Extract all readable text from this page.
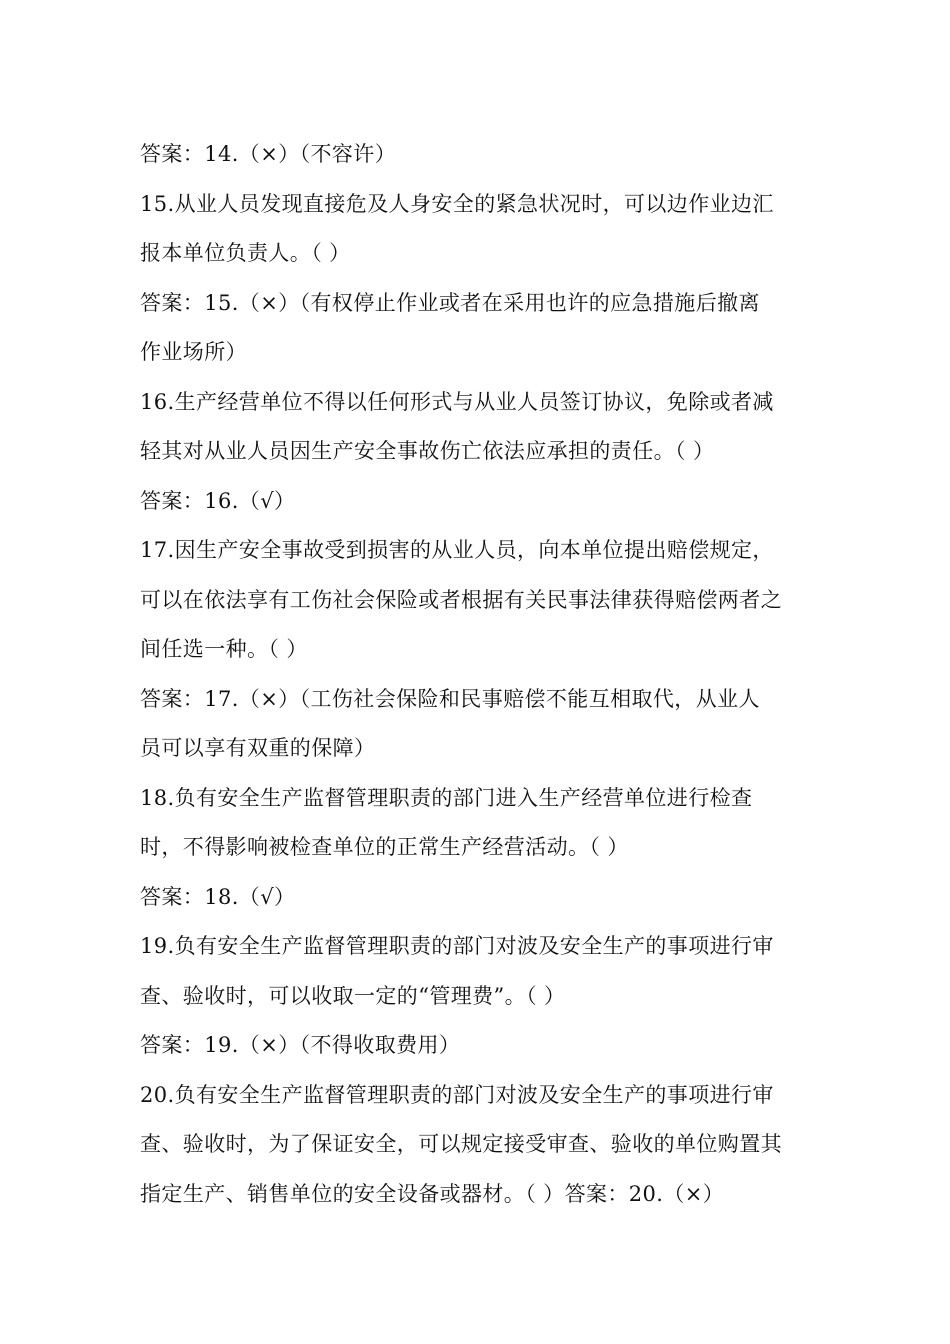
答案：14.（×）（不容许）
15.从业人员发现直接危及人身安全的紧急状况时，可以边作业边汇
报本单位负责人。（ ）
答案：15.（×）（有权停止作业或者在采用也许的应急措施后撤离
作业场所）
16.生产经营单位不得以任何形式与从业人员签订协议，免除或者减
轻其对从业人员因生产安全事故伤亡依法应承担的责任。（ ）
答案：16.（√）
17.因生产安全事故受到损害的从业人员，向本单位提出赔偿规定，
可以在依法享有工伤社会保险或者根据有关民事法律获得赔偿两者之
间任选一种。（ ）
答案：17.（×）（工伤社会保险和民事赔偿不能互相取代，从业人
员可以享有双重的保障）
18.负有安全生产监督管理职责的部门进入生产经营单位进行检查
时，不得影响被检查单位的正常生产经营活动。（ ）
答案：18.（√）
19.负有安全生产监督管理职责的部门对波及安全生产的事项进行审
查、验收时，可以收取一定的“管理费”。（ ）
答案：19.（×）（不得收取费用）
20.负有安全生产监督管理职责的部门对波及安全生产的事项进行审
查、验收时，为了保证安全，可以规定接受审查、验收的单位购置其
指定生产、销售单位的安全设备或器材。（ ）答案：20.（×）
